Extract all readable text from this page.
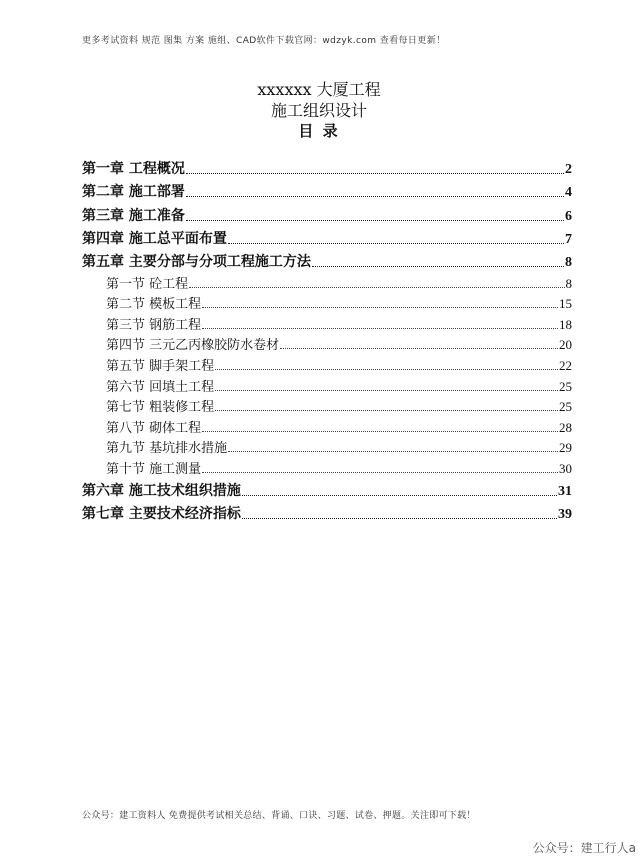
更多考试资料 规范 图集 方案 施组、CAD软件下载官网：wdzyk.com 查看每日更新！
xxxxxx 大厦工程
施工组织设计
目 录
第一章 工程概况	2
第二章 施工部署	4
第三章 施工准备	6
第四章 施工总平面布置	7
第五章 主要分部与分项工程施工方法	8
第一节 砼工程	8
第二节 模板工程	15
第三节 钢筋工程	18
第四节 三元乙丙橡胶防水卷材	20
第五节 脚手架工程	22
第六节 回填土工程	25
第七节 粗装修工程	25
第八节 砌体工程	28
第九节 基坑排水措施	29
第十节 施工测量	30
第六章 施工技术组织措施	31
第七章 主要技术经济指标	39
公众号：建工资料人 免费提供考试相关总结、背诵、口诀、习题、试卷、押题。关注即可下载！
公众号：建工行人a
